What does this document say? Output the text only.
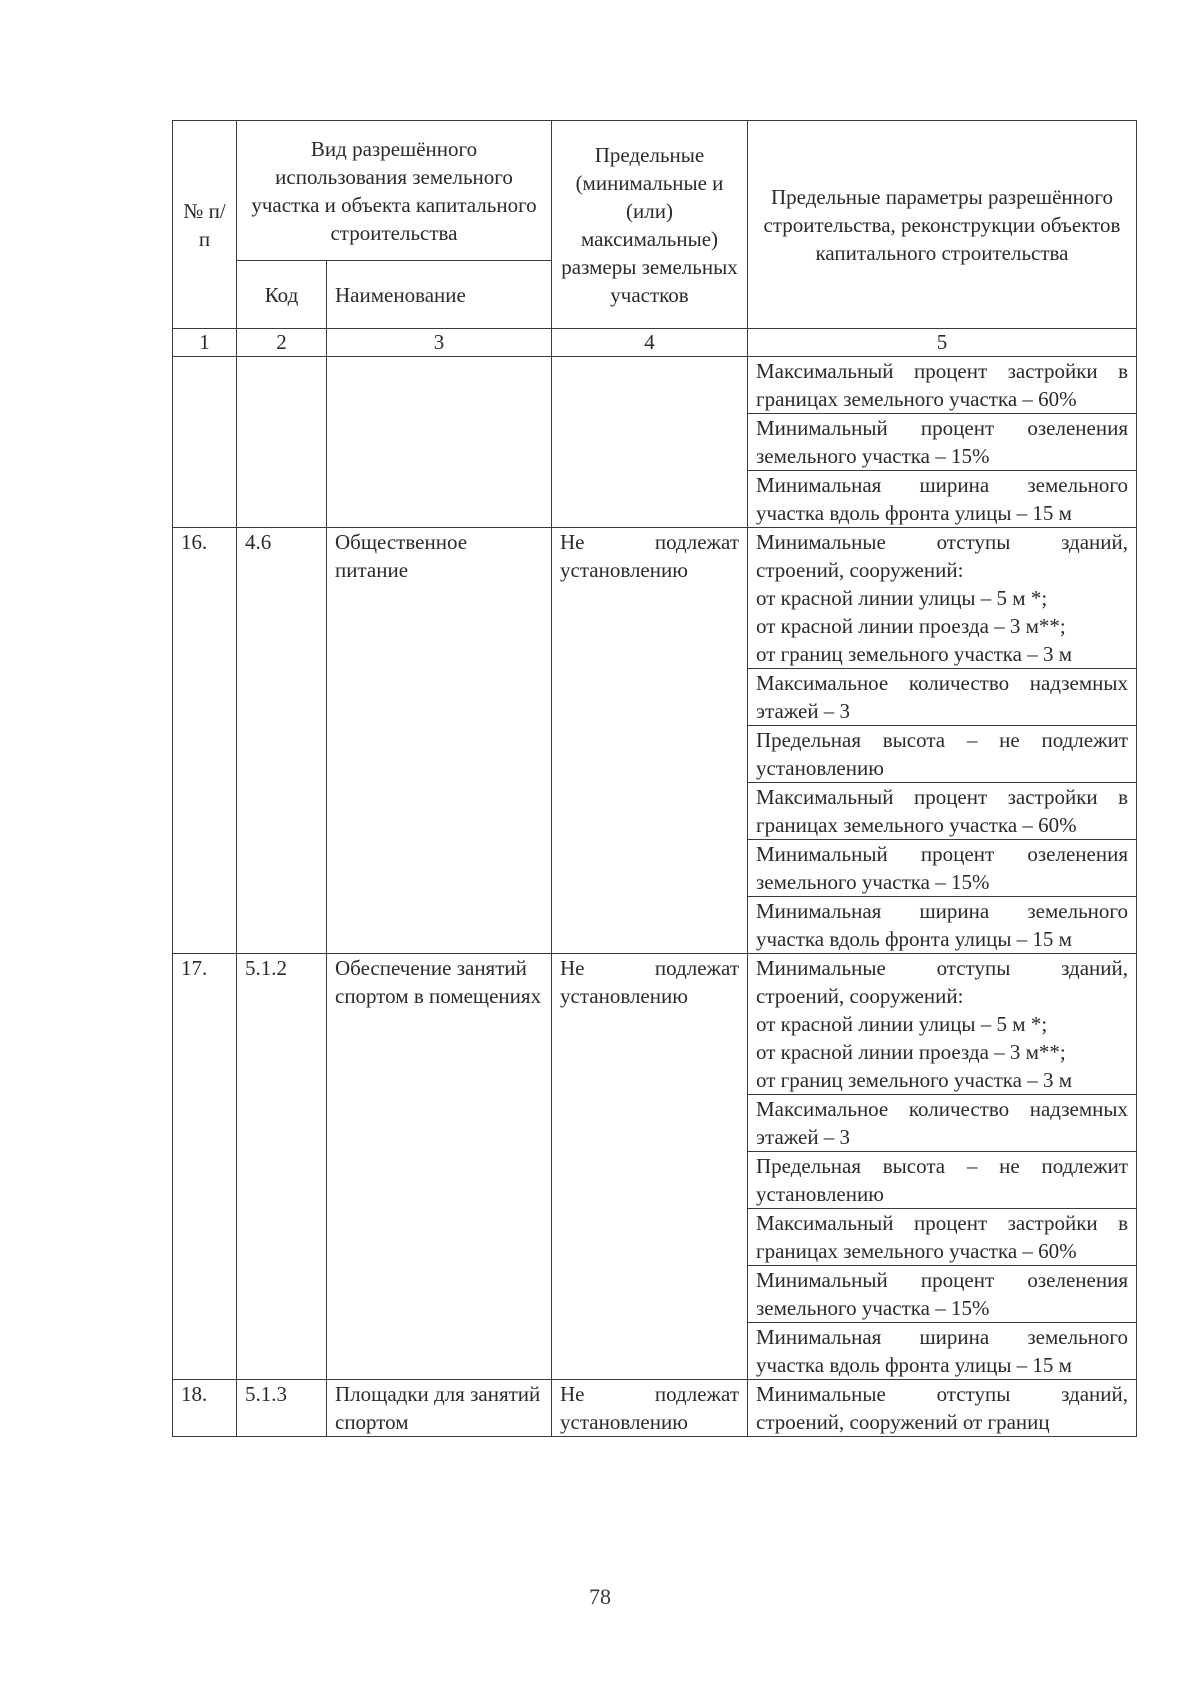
№ п/п	Вид разрешённого использования земельного участка и объекта капитального строительства		Предельные (минимальные и (или) максимальные) размеры земельных участков	Предельные параметры разрешённого строительства, реконструкции объектов капитального строительства
	Код	Наименование		
1	2	3	4	5
				Максимальный процент застройки в границах земельного участка – 60%
				Минимальный процент озеленения земельного участка – 15%
				Минимальная ширина земельного участка вдоль фронта улицы – 15 м
16.	4.6	Общественное питание	Не подлежат установлению	Минимальные отступы зданий, строений, сооружений:
от красной линии улицы – 5 м *;
от красной линии проезда – 3 м**;
от границ земельного участка – 3 м

				Максимальное количество надземных этажей – 3

				Предельная высота – не подлежит установлению

				Максимальный процент застройки в границах земельного участка – 60%

				Минимальный процент озеленения земельного участка – 15%

				Минимальная ширина земельного участка вдоль фронта улицы – 15 м

17.	5.1.2	Обеспечение занятий спортом в помещениях	Не подлежат установлению	Минимальные отступы зданий, строений, сооружений:
от красной линии улицы – 5 м *;
от красной линии проезда – 3 м**;
от границ земельного участка – 3 м

				Максимальное количество надземных этажей – 3

				Предельная высота – не подлежит установлению

				Максимальный процент застройки в границах земельного участка – 60%

				Минимальный процент озеленения земельного участка – 15%

				Минимальная ширина земельного участка вдоль фронта улицы – 15 м

18.	5.1.3	Площадки для занятий спортом	Не подлежат установлению	Минимальные отступы зданий, строений, сооружений от границ
78
